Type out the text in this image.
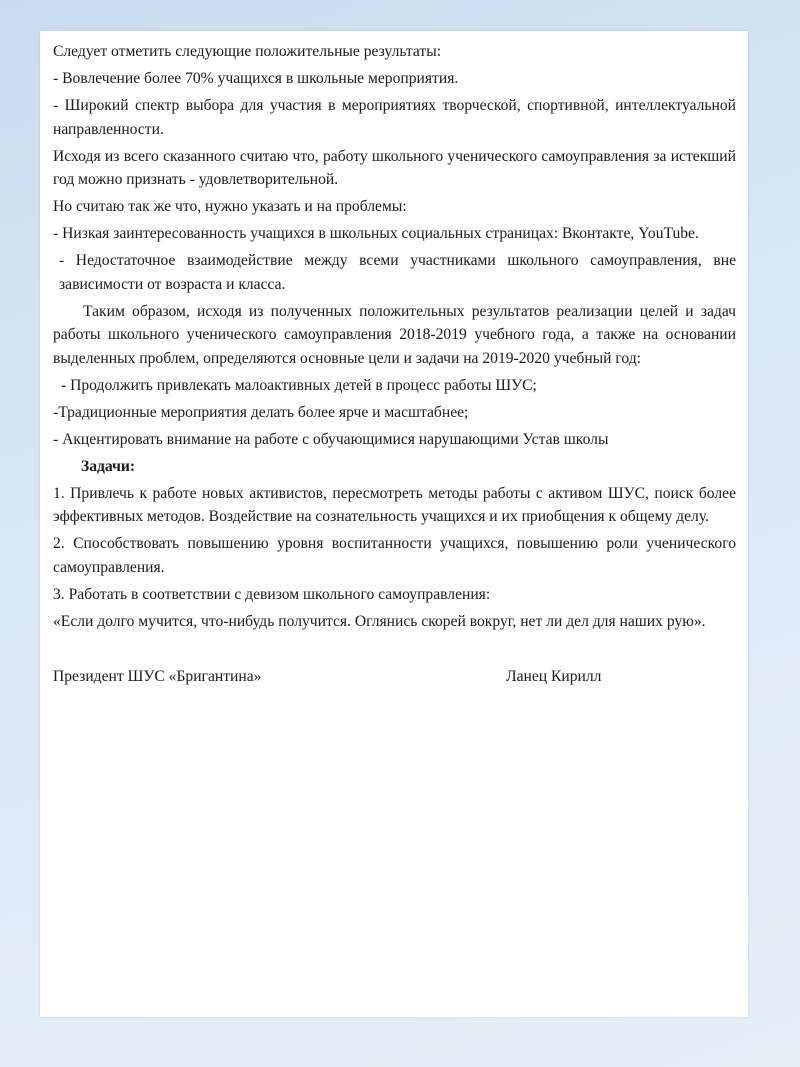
Следует отметить следующие положительные результаты:

- Вовлечение более 70% учащихся в школьные мероприятия.

- Широкий спектр выбора для участия в мероприятиях творческой, спортивной, интеллектуальной направленности.

Исходя из всего сказанного считаю что, работу школьного ученического самоуправления за истекший год можно признать - удовлетворительной.

Но считаю так же что, нужно указать и на проблемы:

- Низкая заинтересованность учащихся в школьных социальных страницах: Вконтакте, YouTube.

- Недостаточное взаимодействие между всеми участниками школьного самоуправления, вне зависимости от возраста и класса.

Таким образом, исходя из полученных положительных результатов реализации целей и задач работы школьного ученического самоуправления 2018-2019 учебного года, а также на основании выделенных проблем, определяются основные цели и задачи на 2019-2020 учебный год:

- Продолжить привлекать малоактивных детей в процесс работы ШУС;

-Традиционные мероприятия делать более ярче и масштабнее;

- Акцентировать внимание на работе с обучающимися нарушающими Устав школы

Задачи:

1. Привлечь к работе новых активистов, пересмотреть методы работы с активом ШУС, поиск более эффективных методов. Воздействие на сознательность учащихся и их приобщения к общему делу.

2. Способствовать повышению уровня воспитанности учащихся, повышению роли ученического самоуправления.

3. Работать в соответствии с девизом школьного самоуправления:

«Если долго мучится, что-нибудь получится. Оглянись скорей вокруг, нет ли дел для наших рую».

Президент ШУС «Бригантина»	Ланец Кирилл
